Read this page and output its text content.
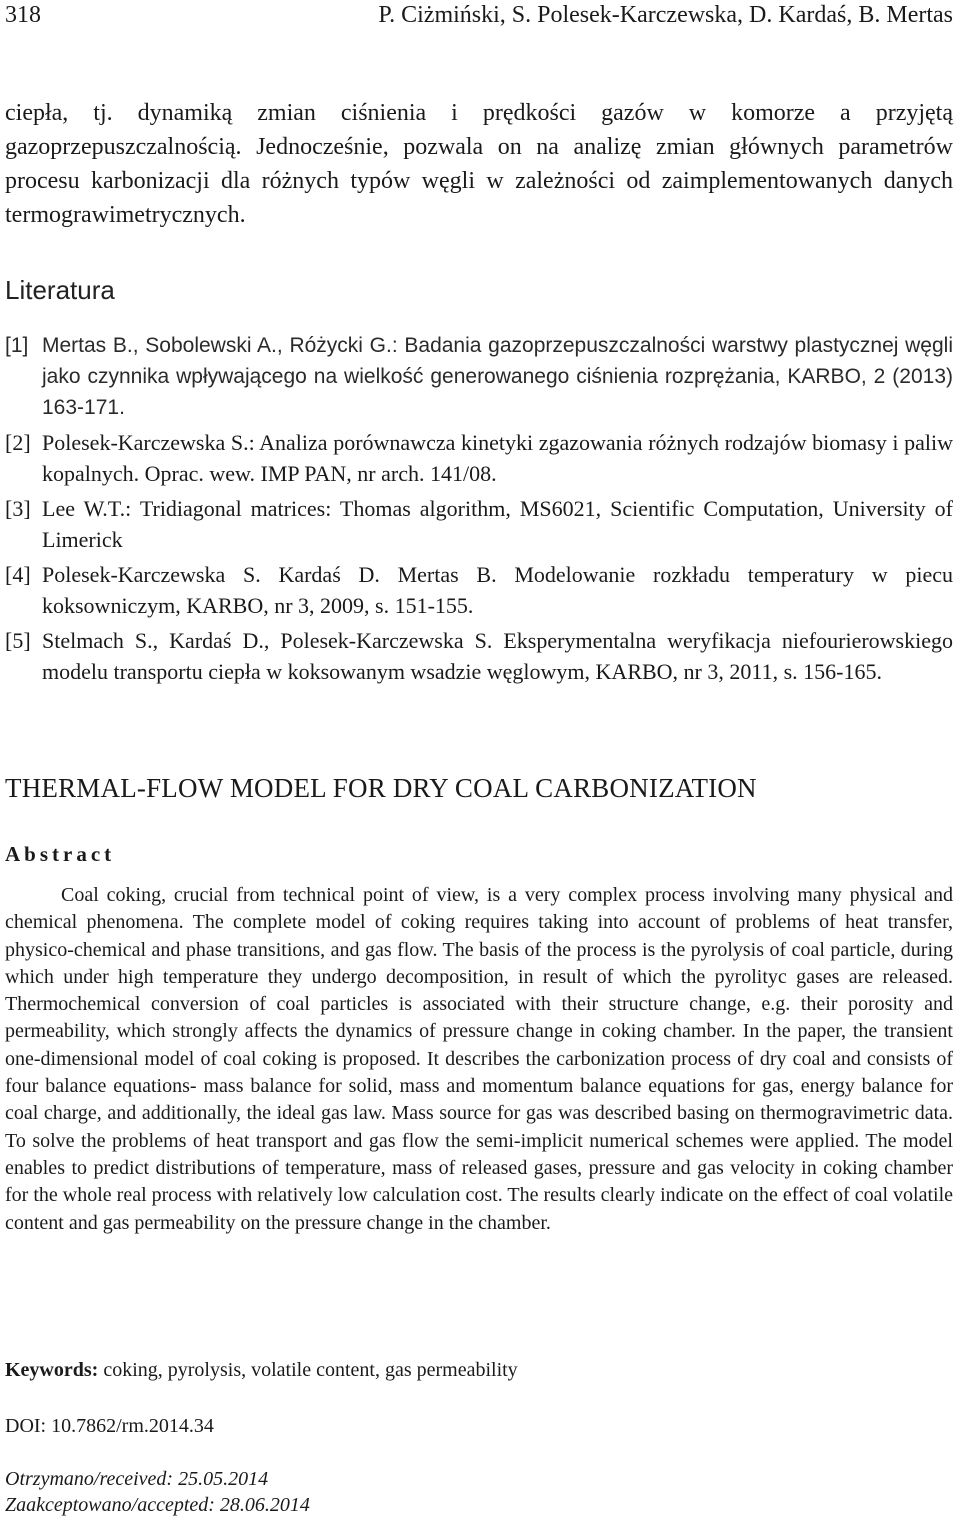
318	P. Ciżmiński, S. Polesek-Karczewska, D. Kardaś, B. Mertas

ciepła, tj. dynamiką zmian ciśnienia i prędkości gazów w komorze a przyjętą gazoprzepuszczalnością. Jednocześnie, pozwala on na analizę zmian głównych parametrów procesu karbonizacji dla różnych typów węgli w zależności od zaimplementowanych danych termograwimetrycznych.

Literatura
[1] Mertas B., Sobolewski A., Różycki G.: Badania gazoprzepuszczalności warstwy plastycznej węgli jako czynnika wpływającego na wielkość generowanego ciśnienia rozprężania, KARBO, 2 (2013) 163-171.
[2] Polesek-Karczewska S.: Analiza porównawcza kinetyki zgazowania różnych rodzajów biomasy i paliw kopalnych. Oprac. wew. IMP PAN, nr arch. 141/08.
[3] Lee W.T.: Tridiagonal matrices: Thomas algorithm, MS6021, Scientific Computation, University of Limerick
[4] Polesek-Karczewska S. Kardaś D. Mertas B. Modelowanie rozkładu temperatury w piecu koksowniczym, KARBO, nr 3, 2009, s. 151-155.
[5] Stelmach S., Kardaś D., Polesek-Karczewska S. Eksperymentalna weryfikacja niefourierowskiego modelu transportu ciepła w koksowanym wsadzie węglowym, KARBO, nr 3, 2011, s. 156-165.
THERMAL-FLOW MODEL FOR DRY COAL CARBONIZATION
Abstract

Coal coking, crucial from technical point of view, is a very complex process involving many physical and chemical phenomena. The complete model of coking requires taking into account of problems of heat transfer, physico-chemical and phase transitions, and gas flow. The basis of the process is the pyrolysis of coal particle, during which under high temperature they undergo decomposition, in result of which the pyrolityc gases are released. Thermochemical conversion of coal particles is associated with their structure change, e.g. their porosity and permeability, which strongly affects the dynamics of pressure change in coking chamber. In the paper, the transient one-dimensional model of coal coking is proposed. It describes the carbonization process of dry coal and consists of four balance equations- mass balance for solid, mass and momentum balance equations for gas, energy balance for coal charge, and additionally, the ideal gas law. Mass source for gas was described basing on thermogravimetric data. To solve the problems of heat transport and gas flow the semi-implicit numerical schemes were applied. The model enables to predict distributions of temperature, mass of released gases, pressure and gas velocity in coking chamber for the whole real process with relatively low calculation cost. The results clearly indicate on the effect of coal volatile content and gas permeability on the pressure change in the chamber.

Keywords: coking, pyrolysis, volatile content, gas permeability

DOI: 10.7862/rm.2014.34

Otrzymano/received: 25.05.2014
Zaakceptowano/accepted: 28.06.2014
